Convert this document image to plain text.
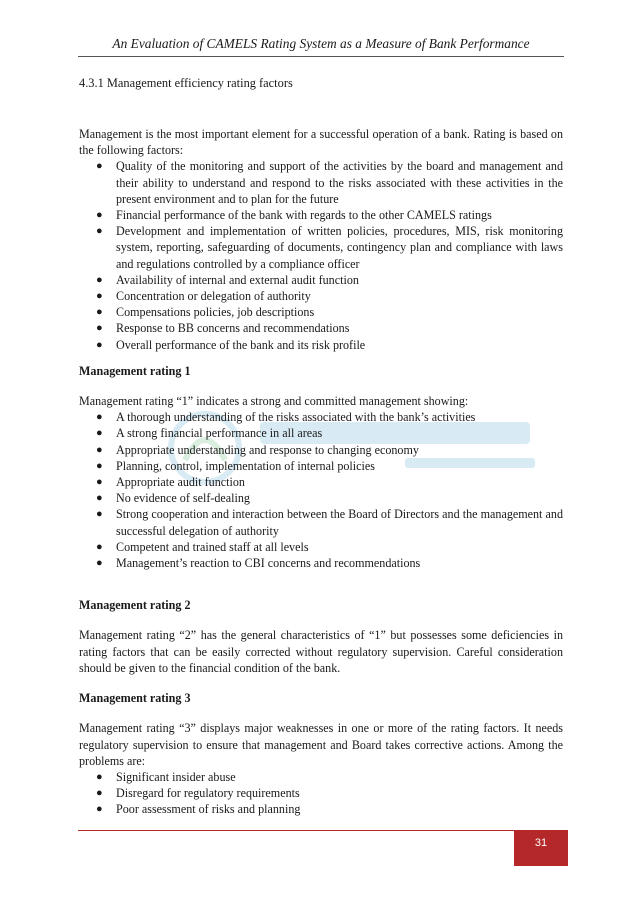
An Evaluation of CAMELS Rating System as a Measure of Bank Performance
4.3.1 Management efficiency rating factors

Management is the most important element for a successful operation of a bank. Rating is based on the following factors:

● Quality of the monitoring and support of the activities by the board and management and their ability to understand and respond to the risks associated with these activities in the present environment and to plan for the future
● Financial performance of the bank with regards to the other CAMELS ratings
● Development and implementation of written policies, procedures, MIS, risk monitoring system, reporting, safeguarding of documents, contingency plan and compliance with laws and regulations controlled by a compliance officer
● Availability of internal and external audit function
● Concentration or delegation of authority
● Compensations policies, job descriptions
● Response to BB concerns and recommendations
● Overall performance of the bank and its risk profile
Management rating 1

Management rating “1” indicates a strong and committed management showing:

● A thorough understanding of the risks associated with the bank’s activities
● A strong financial performance in all areas
● Appropriate understanding and response to changing economy
● Planning, control, implementation of internal policies
● Appropriate audit function
● No evidence of self-dealing
● Strong cooperation and interaction between the Board of Directors and the management and successful delegation of authority
● Competent and trained staff at all levels
● Management’s reaction to CBI concerns and recommendations
Management rating 2

Management rating “2” has the general characteristics of “1” but possesses some deficiencies in rating factors that can be easily corrected without regulatory supervision. Careful consideration should be given to the financial condition of the bank.

Management rating 3

Management rating “3” displays major weaknesses in one or more of the rating factors. It needs regulatory supervision to ensure that management and Board takes corrective actions. Among the problems are:

● Significant insider abuse
● Disregard for regulatory requirements
● Poor assessment of risks and planning
31
